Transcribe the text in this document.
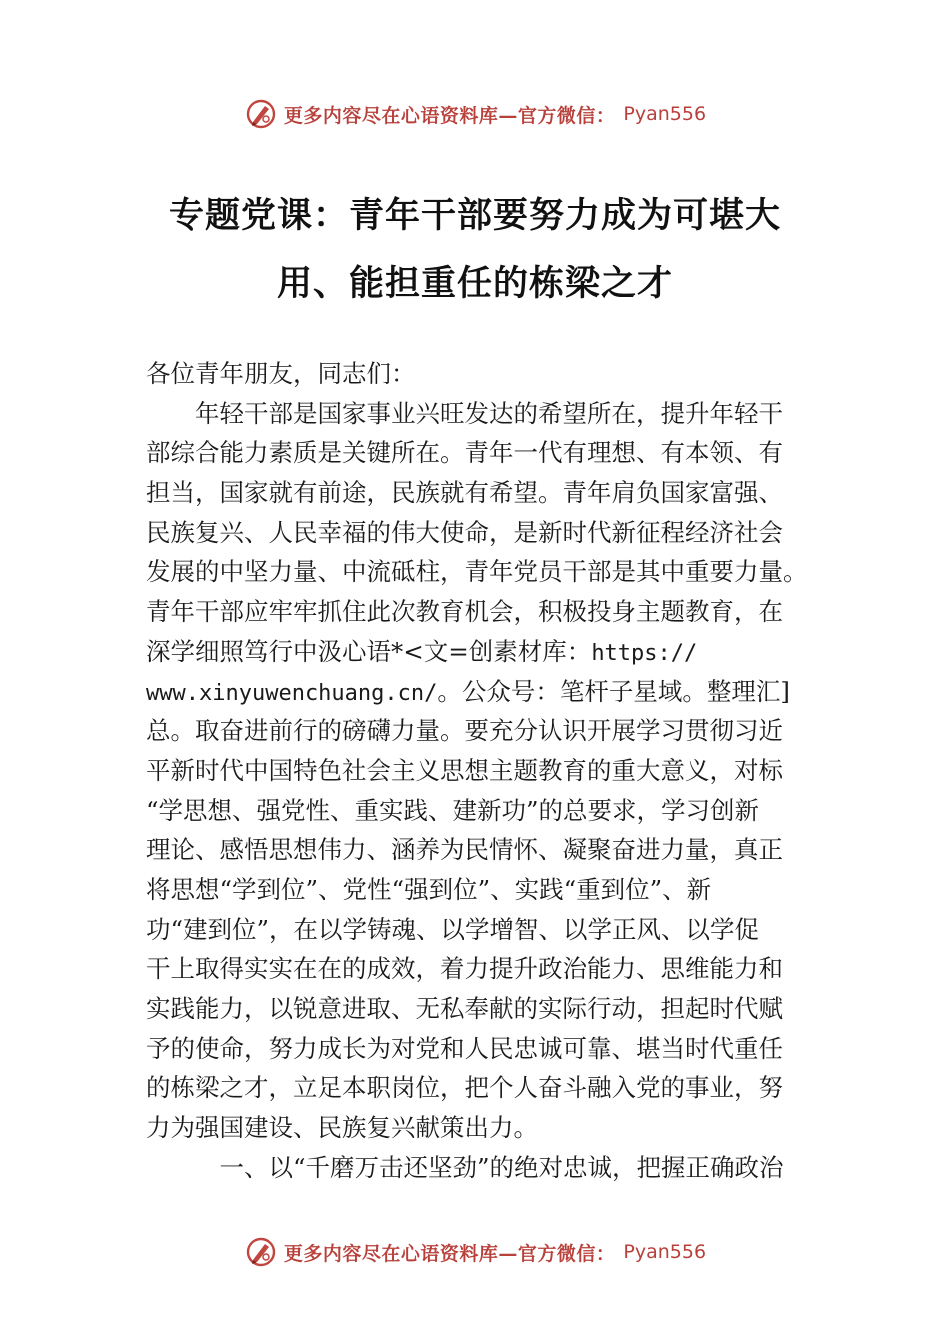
更多内容尽在心语资料库—官方微信： Pyan556
专题党课：青年干部要努力成为可堪大
用、能担重任的栋梁之才
各位青年朋友，同志们：
　　年轻干部是国家事业兴旺发达的希望所在，提升年轻干
部综合能力素质是关键所在。青年一代有理想、有本领、有
担当，国家就有前途，民族就有希望。青年肩负国家富强、
民族复兴、人民幸福的伟大使命，是新时代新征程经济社会
发展的中坚力量、中流砥柱，青年党员干部是其中重要力量。
青年干部应牢牢抓住此次教育机会，积极投身主题教育，在
深学细照笃行中汲心语*<文=创素材库：https://
www.xinyuwenchuang.cn/。公众号：笔杆子星域。整理汇]
总。取奋进前行的磅礴力量。要充分认识开展学习贯彻习近
平新时代中国特色社会主义思想主题教育的重大意义，对标
“学思想、强党性、重实践、建新功”的总要求，学习创新
理论、感悟思想伟力、涵养为民情怀、凝聚奋进力量，真正
将思想“学到位”、党性“强到位”、实践“重到位”、新
功“建到位”，在以学铸魂、以学增智、以学正风、以学促
干上取得实实在在的成效，着力提升政治能力、思维能力和
实践能力，以锐意进取、无私奉献的实际行动，担起时代赋
予的使命，努力成长为对党和人民忠诚可靠、堪当时代重任
的栋梁之才，立足本职岗位，把个人奋斗融入党的事业，努
力为强国建设、民族复兴献策出力。
　　　一、以“千磨万击还坚劲”的绝对忠诚，把握正确政治
更多内容尽在心语资料库—官方微信： Pyan556
